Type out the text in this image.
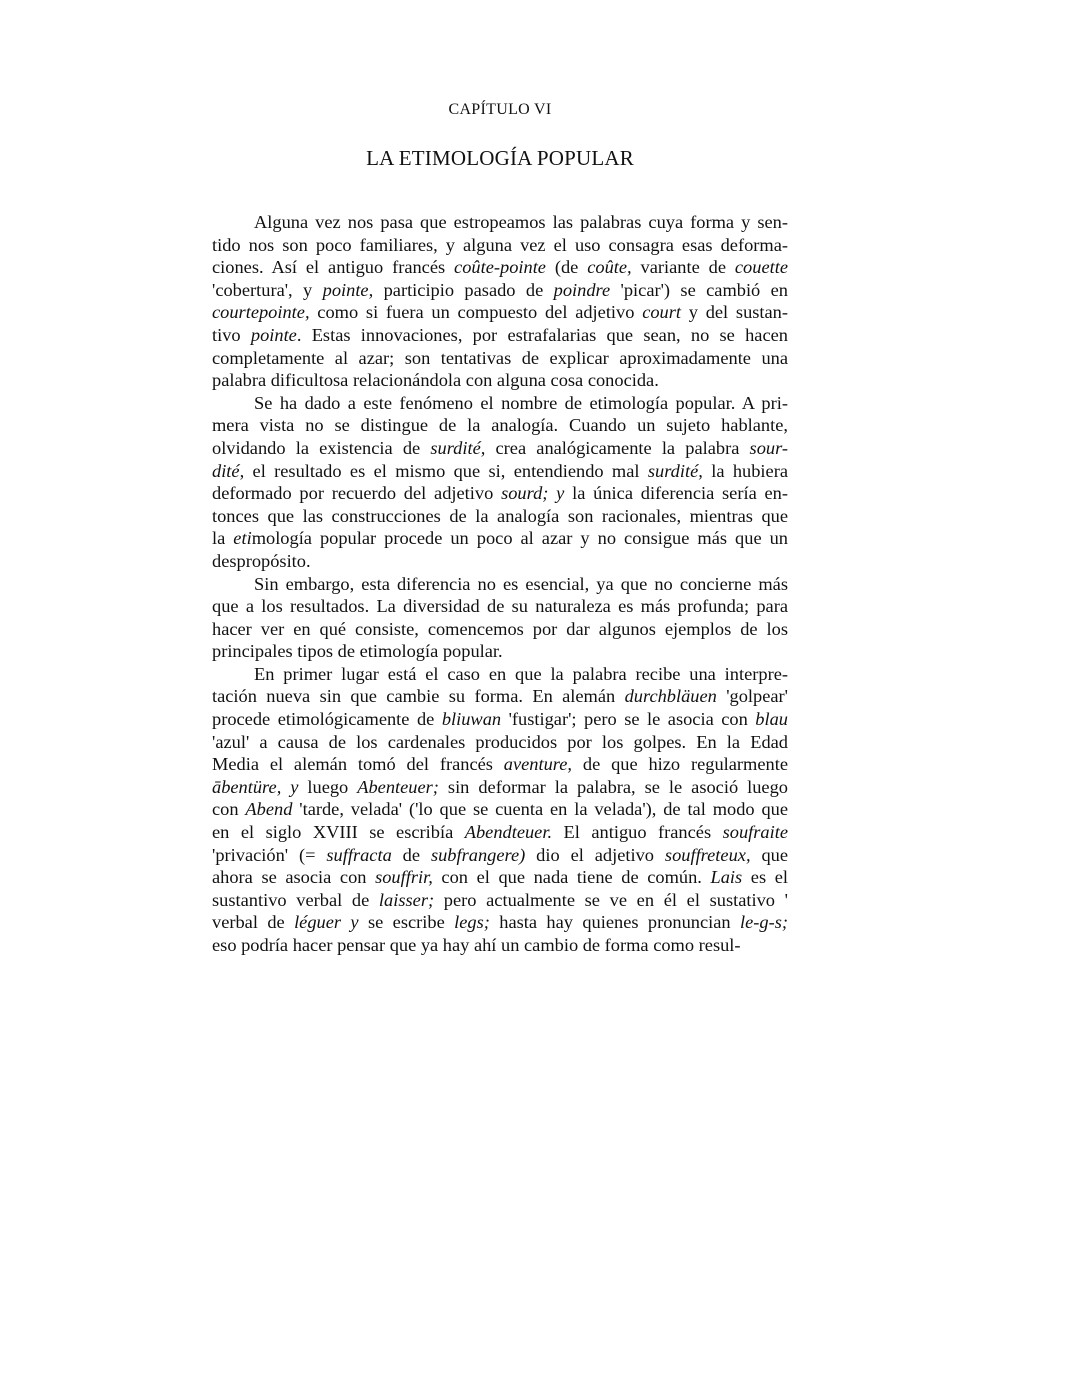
CAPÍTULO VI

LA ETIMOLOGÍA POPULAR
Alguna vez nos pasa que estropeamos las palabras cuya forma y sen-
tido nos son poco familiares, y alguna vez el uso consagra esas deforma-
ciones. Así el antiguo francés coûte-pointe (de coûte, variante de couette
'cobertura', y pointe, participio pasado de poindre 'picar') se cambió en
courtepointe, como si fuera un compuesto del adjetivo court y del sustan-
tivo pointe. Estas innovaciones, por estrafalarias que sean, no se hacen
completamente al azar; son tentativas de explicar aproximadamente una
palabra dificultosa relacionándola con alguna cosa conocida.
Se ha dado a este fenómeno el nombre de etimología popular. A pri-
mera vista no se distingue de la analogía. Cuando un sujeto hablante,
olvidando la existencia de surdité, crea analógicamente la palabra sour-
dité, el resultado es el mismo que si, entendiendo mal surdité, la hubiera
deformado por recuerdo del adjetivo sourd; y la única diferencia sería en-
tonces que las construcciones de la analogía son racionales, mientras que
la etimología popular procede un poco al azar y no consigue más que un
despropósito.
Sin embargo, esta diferencia no es esencial, ya que no concierne más
que a los resultados. La diversidad de su naturaleza es más profunda; para
hacer ver en qué consiste, comencemos por dar algunos ejemplos de los
principales tipos de etimología popular.
En primer lugar está el caso en que la palabra recibe una interpre-
tación nueva sin que cambie su forma. En alemán durchbläuen 'golpear'
procede etimológicamente de bliuwan 'fustigar'; pero se le asocia con blau
'azul' a causa de los cardenales producidos por los golpes. En la Edad
Media el alemán tomó del francés aventure, de que hizo regularmente
ābentüre, y luego Abenteuer; sin deformar la palabra, se le asoció luego
con Abend 'tarde, velada' ('lo que se cuenta en la velada'), de tal modo que
en el siglo XVIII se escribía Abendteuer. El antiguo francés soufraite
'privación' (= suffracta de subfrangere) dio el adjetivo souffreteux, que
ahora se asocia con souffrir, con el que nada tiene de común. Lais es el
sustantivo verbal de laisser; pero actualmente se ve en él el sustativo '
verbal de léguer y se escribe legs; hasta hay quienes pronuncian le-g-s;
eso podría hacer pensar que ya hay ahí un cambio de forma como resul-
